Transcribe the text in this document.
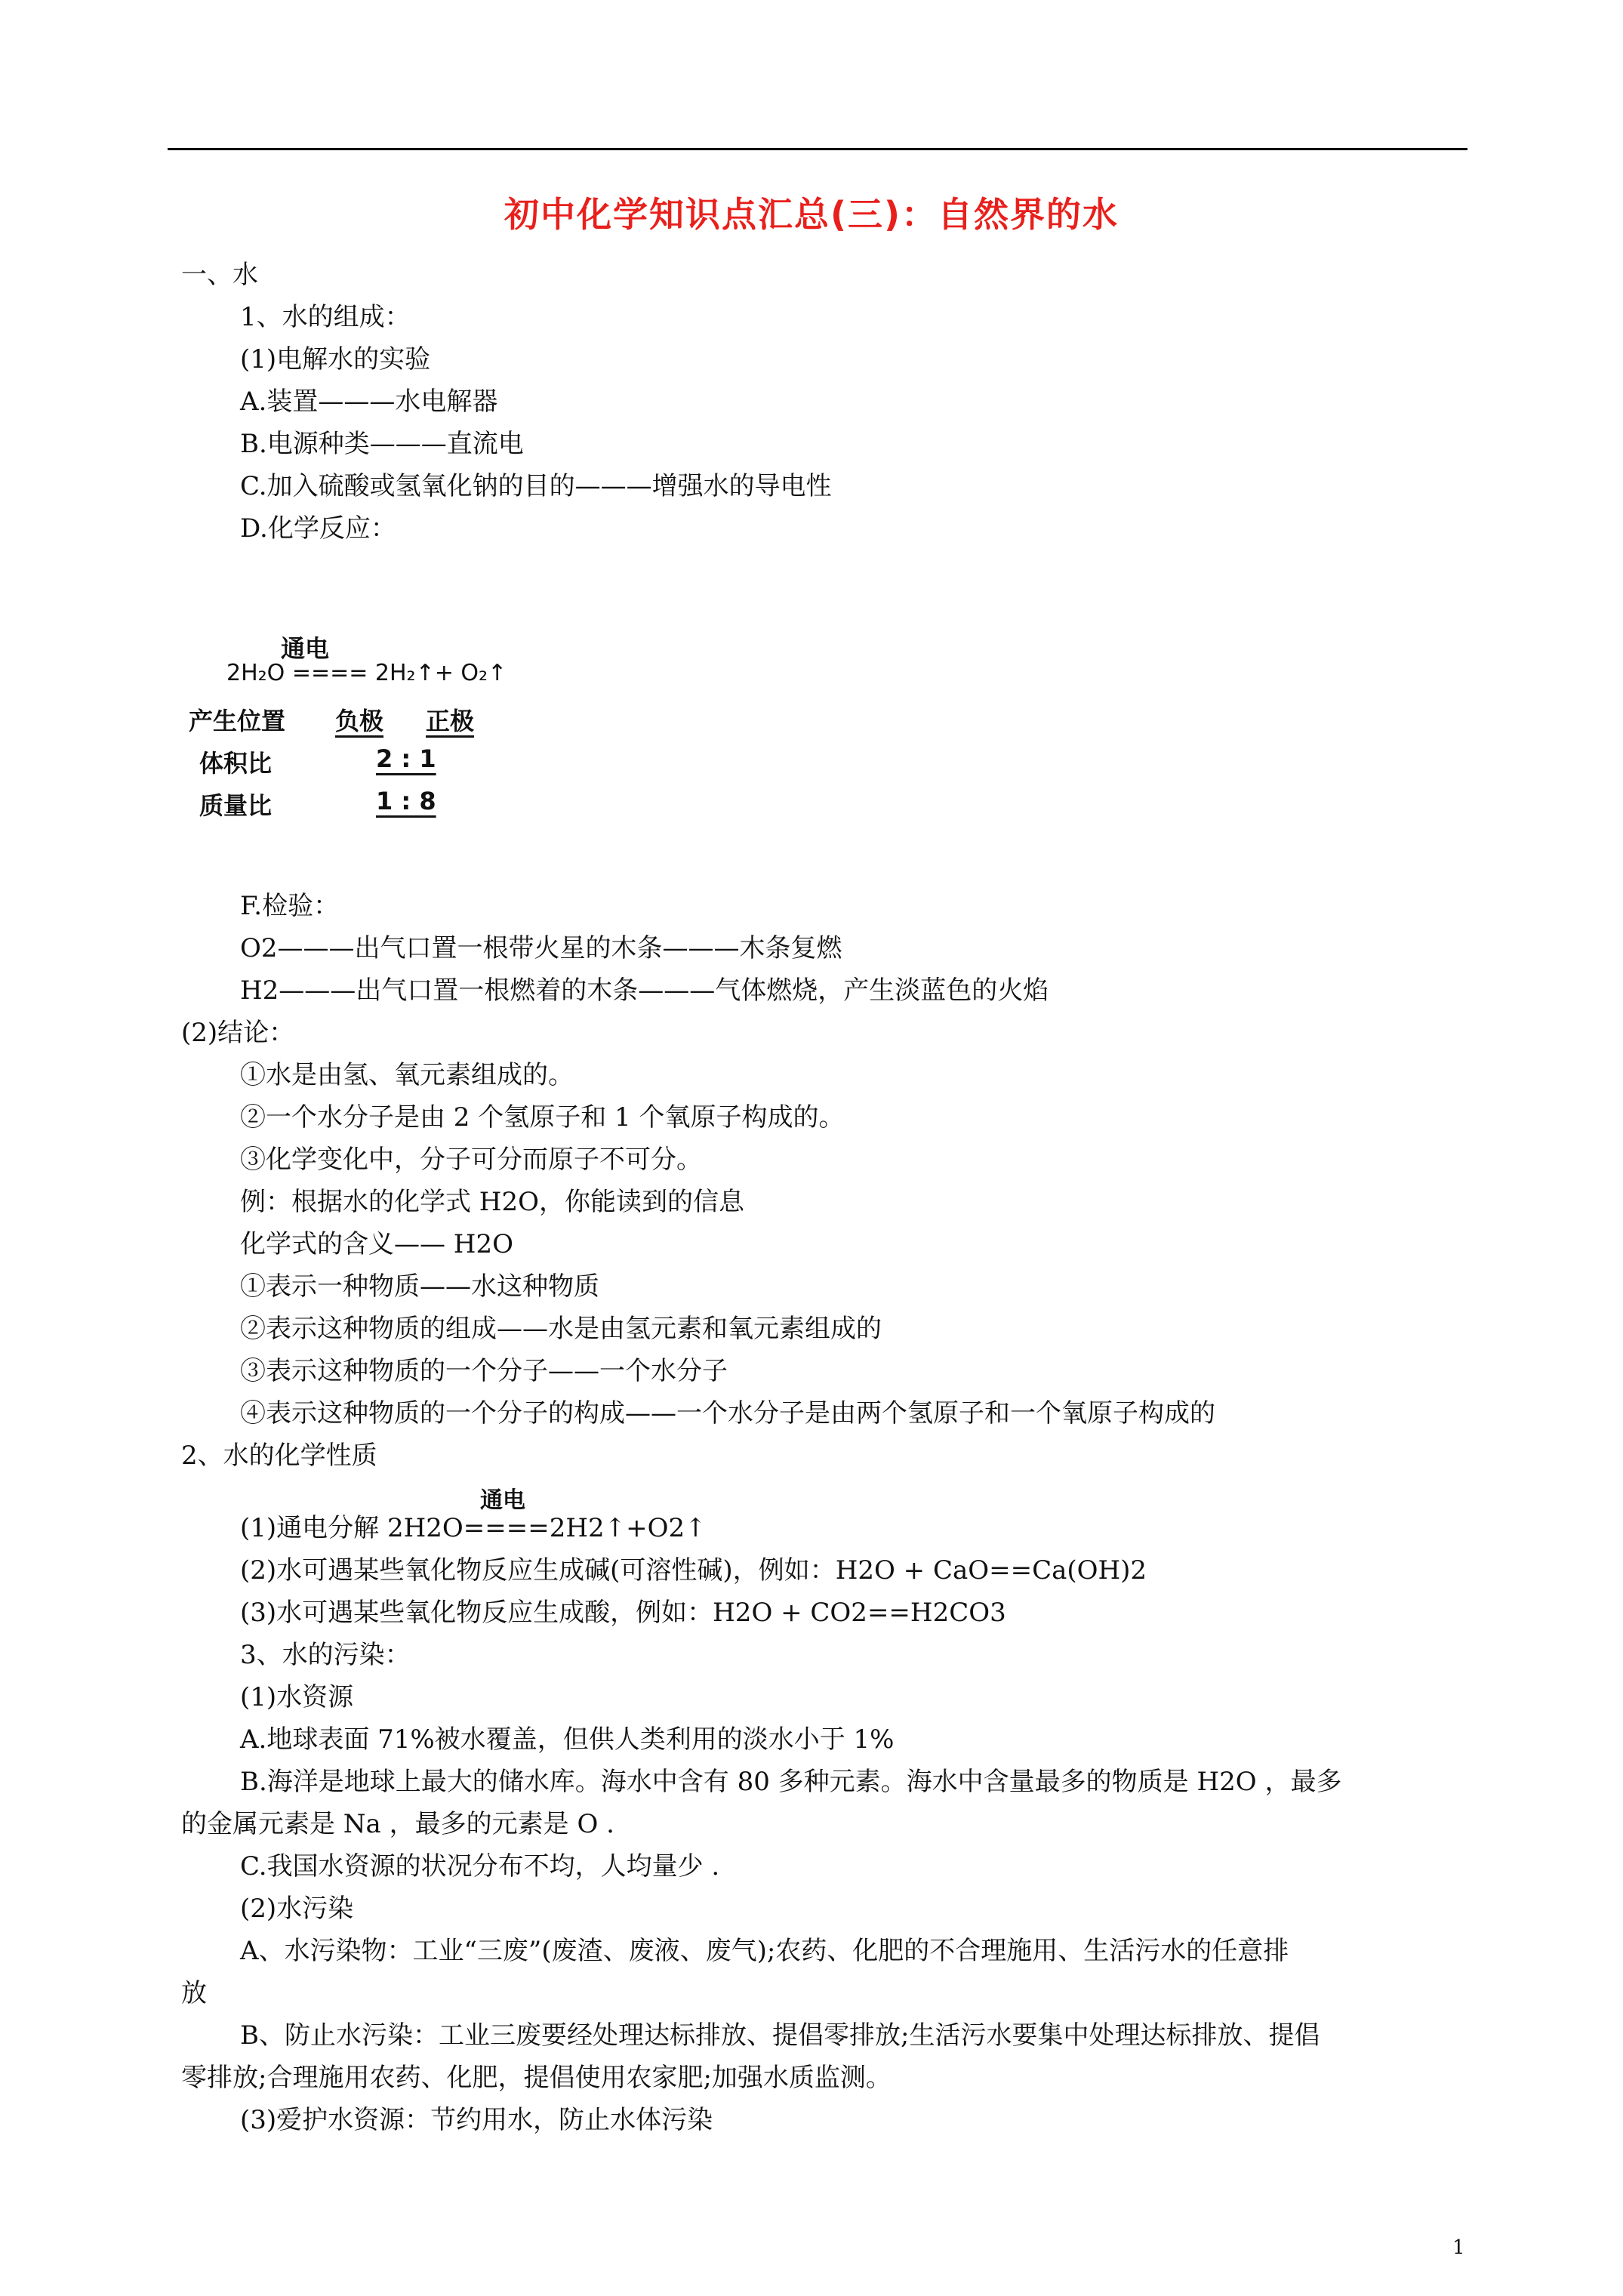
初中化学知识点汇总(三)：自然界的水
一、水
1、水的组成：
(1)电解水的实验
A.装置———水电解器
B.电源种类———直流电
C.加入硫酸或氢氧化钠的目的———增强水的导电性
D.化学反应：
通电
2H₂O ==== 2H₂↑+ O₂↑
产生位置 负极 正极
体积比	2 : 1
质量比	1 : 8
F.检验：
O2———出气口置一根带火星的木条———木条复燃
H2———出气口置一根燃着的木条———气体燃烧，产生淡蓝色的火焰
(2)结论：
①水是由氢、氧元素组成的。
②一个水分子是由 2 个氢原子和 1 个氧原子构成的。
③化学变化中，分子可分而原子不可分。
例：根据水的化学式 H2O，你能读到的信息
化学式的含义—— H2O
①表示一种物质——水这种物质
②表示这种物质的组成——水是由氢元素和氧元素组成的
③表示这种物质的一个分子——一个水分子
④表示这种物质的一个分子的构成——一个水分子是由两个氢原子和一个氧原子构成的
2、水的化学性质
通电
(1)通电分解 2H2O====2H2↑+O2↑
(2)水可遇某些氧化物反应生成碱(可溶性碱)，例如：H2O + CaO==Ca(OH)2
(3)水可遇某些氧化物反应生成酸，例如：H2O + CO2==H2CO3
3、水的污染：
(1)水资源
A.地球表面 71%被水覆盖，但供人类利用的淡水小于 1%
B.海洋是地球上最大的储水库。海水中含有 80 多种元素。海水中含量最多的物质是 H2O ，最多
的金属元素是 Na ，最多的元素是 O .
C.我国水资源的状况分布不均，人均量少 .
(2)水污染
A、水污染物：工业“三废”(废渣、废液、废气);农药、化肥的不合理施用、生活污水的任意排
放
B、防止水污染：工业三废要经处理达标排放、提倡零排放;生活污水要集中处理达标排放、提倡
零排放;合理施用农药、化肥，提倡使用农家肥;加强水质监测。
(3)爱护水资源：节约用水，防止水体污染
1
